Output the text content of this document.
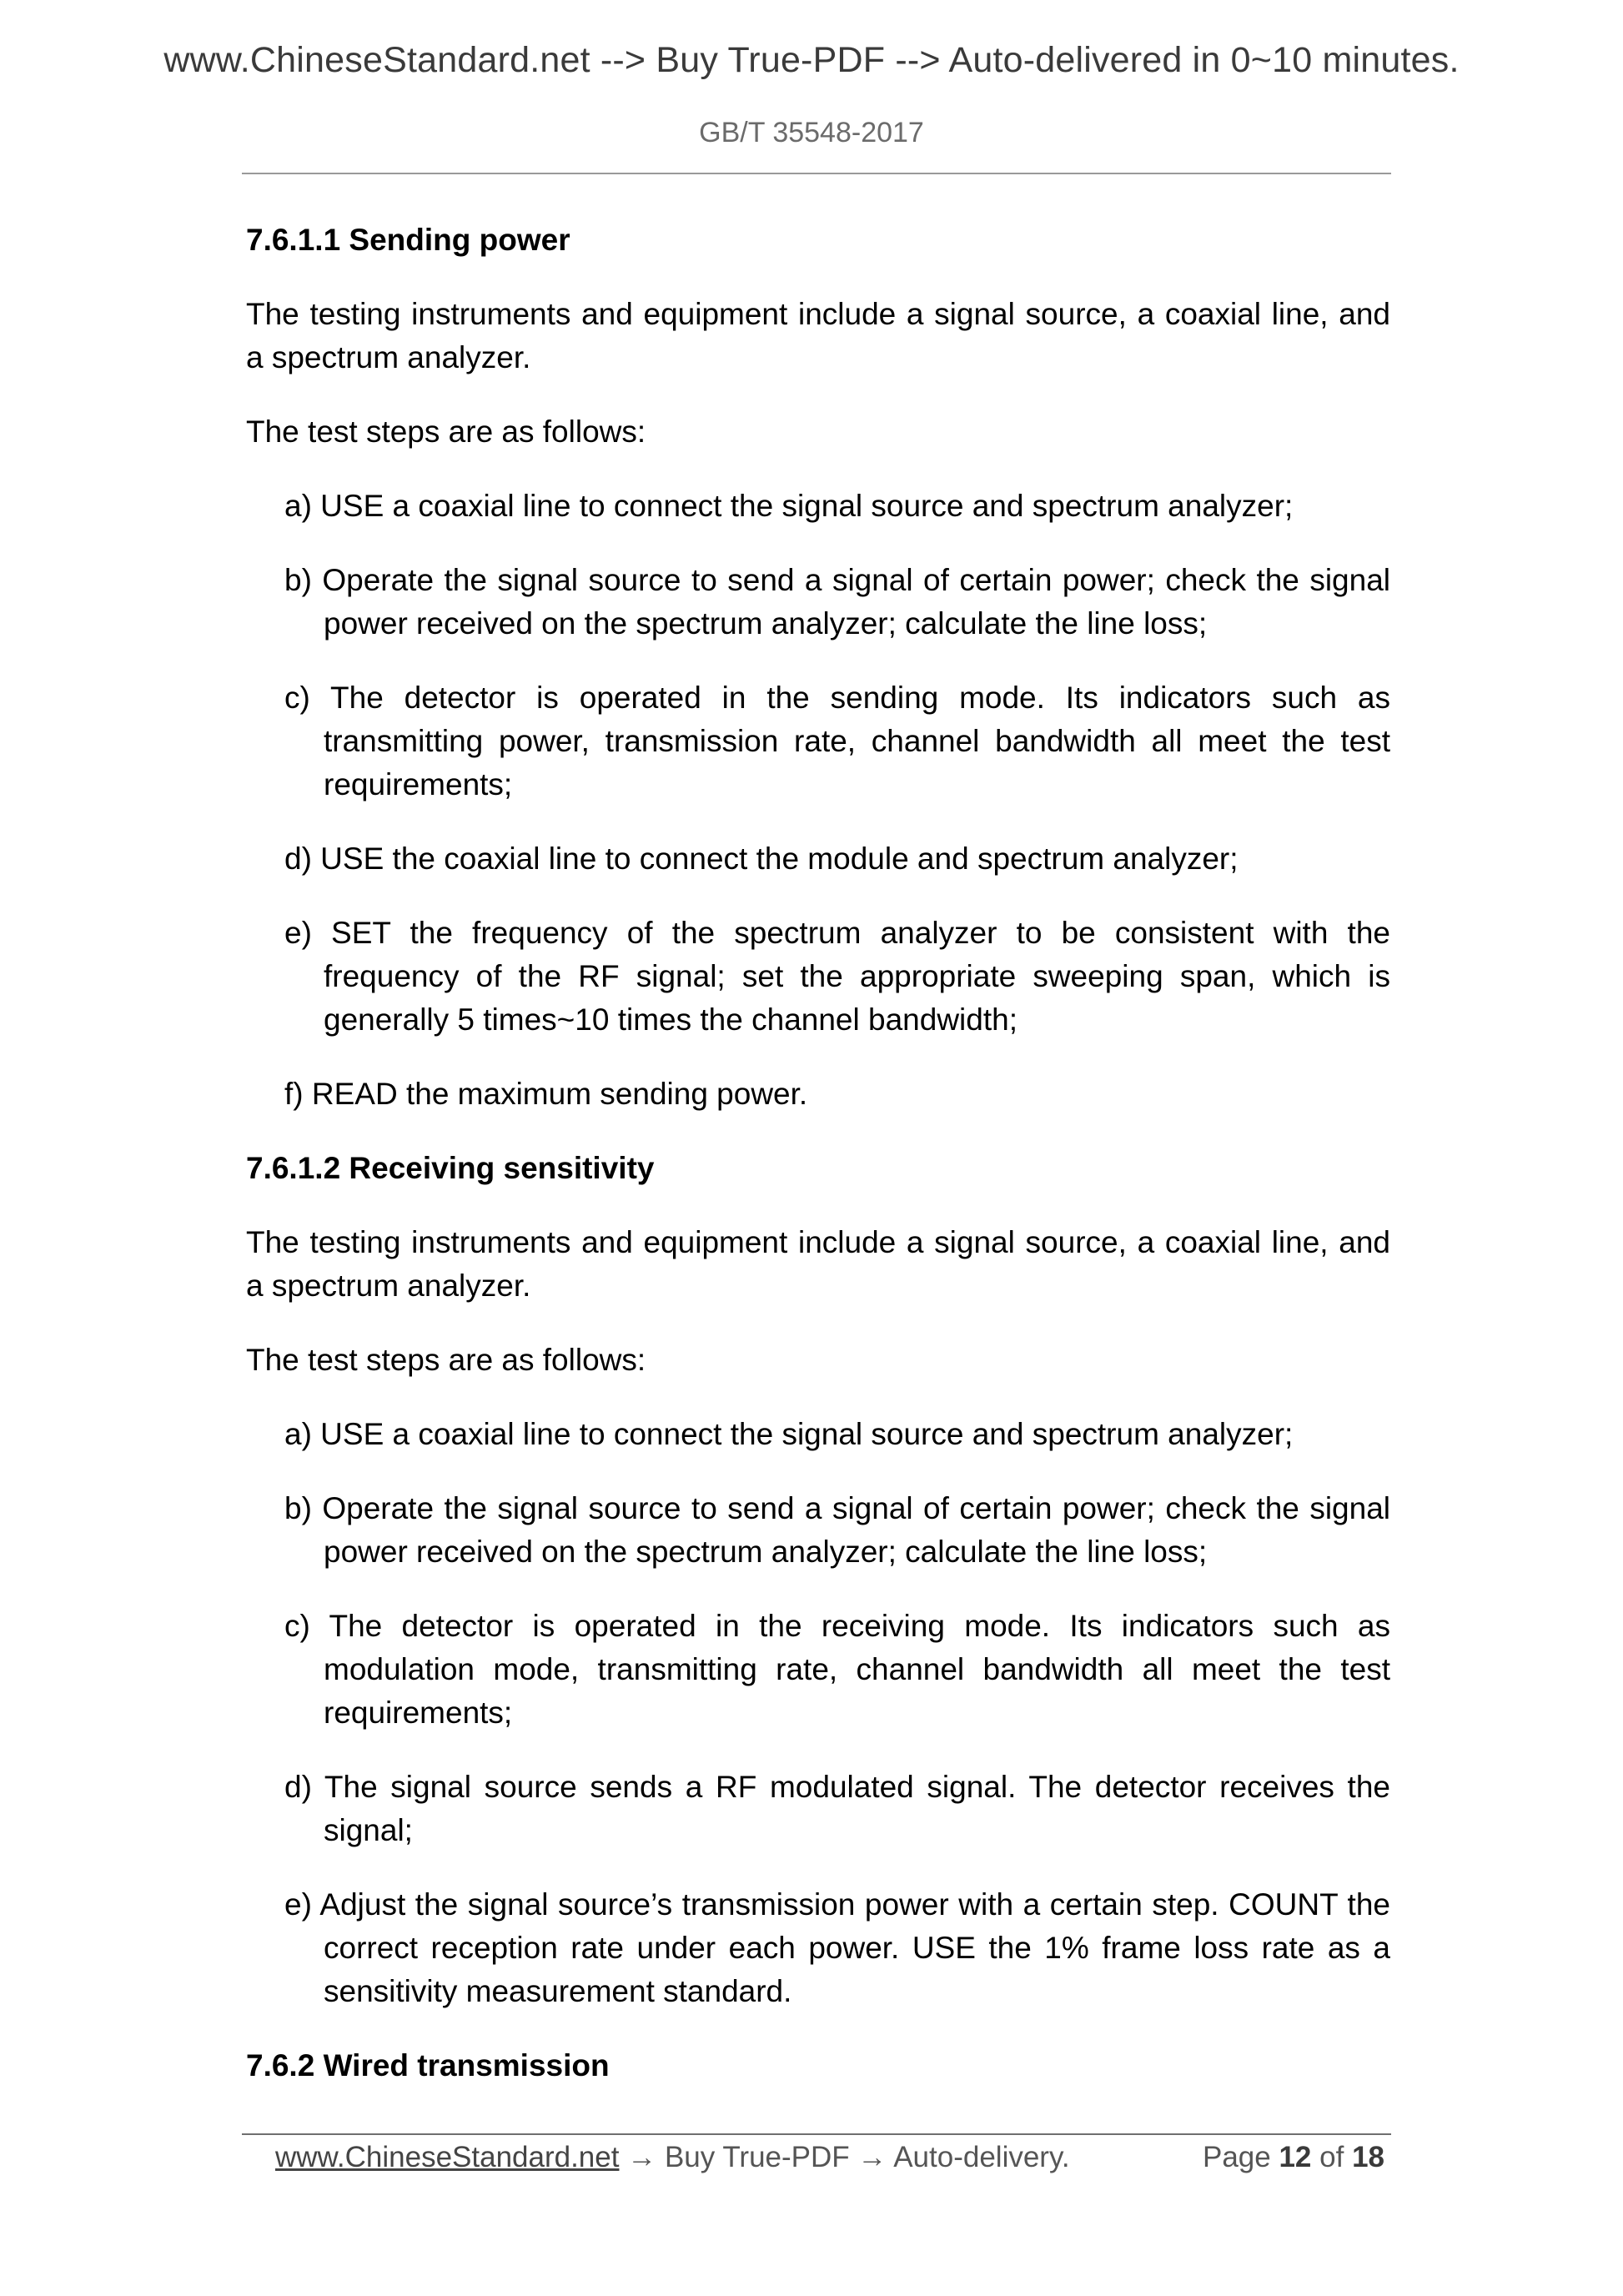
www.ChineseStandard.net --> Buy True-PDF --> Auto-delivered in 0~10 minutes.
GB/T 35548-2017
7.6.1.1 Sending power
The testing instruments and equipment include a signal source, a coaxial line, and a spectrum analyzer.
The test steps are as follows:
a) USE a coaxial line to connect the signal source and spectrum analyzer;
b) Operate the signal source to send a signal of certain power; check the signal power received on the spectrum analyzer; calculate the line loss;
c) The detector is operated in the sending mode. Its indicators such as transmitting power, transmission rate, channel bandwidth all meet the test requirements;
d) USE the coaxial line to connect the module and spectrum analyzer;
e) SET the frequency of the spectrum analyzer to be consistent with the frequency of the RF signal; set the appropriate sweeping span, which is generally 5 times~10 times the channel bandwidth;
f) READ the maximum sending power.
7.6.1.2 Receiving sensitivity
The testing instruments and equipment include a signal source, a coaxial line, and a spectrum analyzer.
The test steps are as follows:
a) USE a coaxial line to connect the signal source and spectrum analyzer;
b) Operate the signal source to send a signal of certain power; check the signal power received on the spectrum analyzer; calculate the line loss;
c) The detector is operated in the receiving mode. Its indicators such as modulation mode, transmitting rate, channel bandwidth all meet the test requirements;
d) The signal source sends a RF modulated signal. The detector receives the signal;
e) Adjust the signal source’s transmission power with a certain step. COUNT the correct reception rate under each power. USE the 1% frame loss rate as a sensitivity measurement standard.
7.6.2 Wired transmission
www.ChineseStandard.net → Buy True-PDF → Auto-delivery.	Page 12 of 18
